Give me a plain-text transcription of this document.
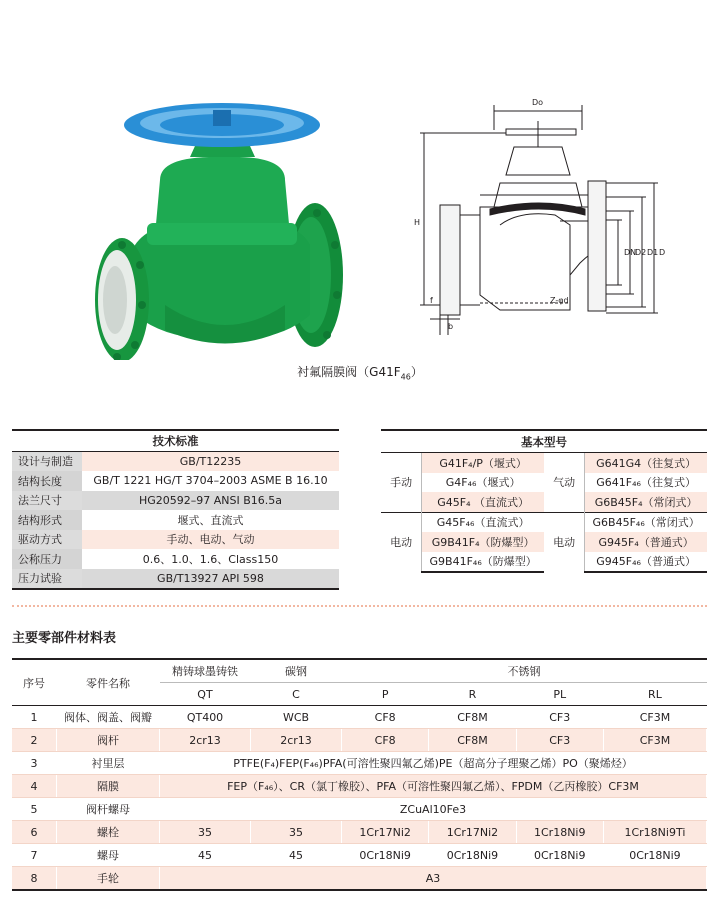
Do
H
DN
D2 D1 D
Z-φd
f
b
衬氟隔膜阀$(G41F_{46})$
技术标准	
设计与制造	GB/T12235
结构长度	GB/T 1221 HG/T 3704–2003 ASME B 16.10
法兰尺寸	HG20592–97 ANSI B16.5a
结构形式	堰式、直流式
驱动方式	手动、电动、气动
公称压力	0.6、1.0、1.6、Class150
压力试验	GB/T13927 API 598
基本型号			
手动	G41F₄/P（堰式）	气动	G641G4（往复式）
	G4F₄₆（堰式）		G641F₄₆（往复式）
	G45F₄ （直流式）		G6B45F₄（常闭式）
电动	G45F₄₆（直流式）	电动	G6B45F₄₆（常闭式）
	G9B41F₄（防爆型）		G945F₄（普通式）
	G9B41F₄₆（防爆型）		G945F₄₆（普通式）
主要零部件材料表
序号	零件名称	精铸球墨铸铁	碳钢	不锈钢			
		QT	C	P	R	PL	RL
1	阀体、阀盖、阀瓣	QT400	WCB	CF8	CF8M	CF3	CF3M
2	阀杆	2cr13	2cr13	CF8	CF8M	CF3	CF3M
3	衬里层	PTFE(F₄)FEP(F₄₆)PFA(可溶性聚四氟乙烯)PE（超高分子理聚乙烯）PO（聚烯烃）					
4	隔膜	FEP（F₄₆）、CR（氯丁橡胶）、PFA（可溶性聚四氟乙烯）、FPDM（乙丙橡胶）CF3M					
5	阀杆螺母	ZCuAl10Fe3					
6	螺栓	35	35	1Cr17Ni2	1Cr17Ni2	1Cr18Ni9	1Cr18Ni9Ti
7	螺母	45	45	0Cr18Ni9	0Cr18Ni9	0Cr18Ni9	0Cr18Ni9
8	手轮	A3					
